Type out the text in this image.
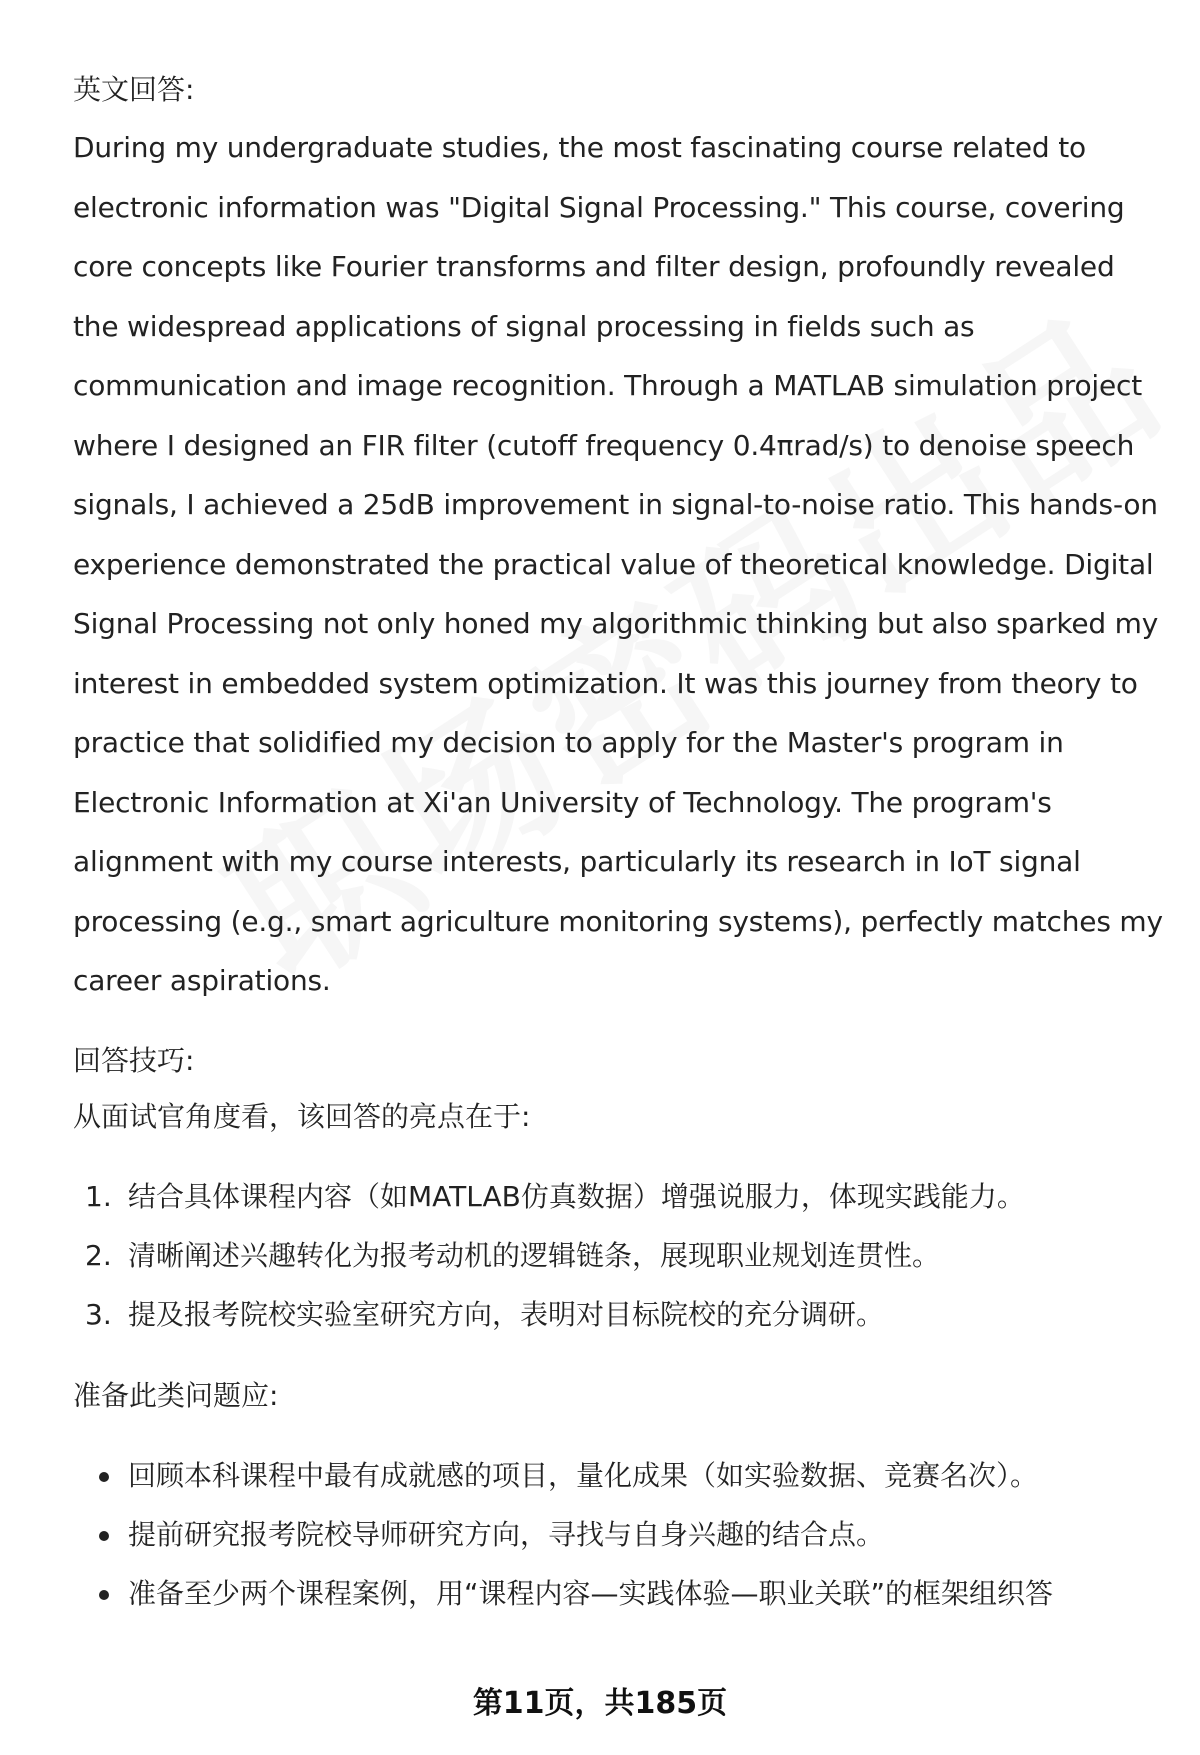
英文回答:

During my undergraduate studies, the most fascinating course related to electronic information was "Digital Signal Processing." This course, covering core concepts like Fourier transforms and filter design, profoundly revealed the widespread applications of signal processing in fields such as communication and image recognition. Through a MATLAB simulation project where I designed an FIR filter (cutoff frequency 0.4πrad/s) to denoise speech signals, I achieved a 25dB improvement in signal-to-noise ratio. This hands-on experience demonstrated the practical value of theoretical knowledge. Digital Signal Processing not only honed my algorithmic thinking but also sparked my interest in embedded system optimization. It was this journey from theory to practice that solidified my decision to apply for the Master's program in Electronic Information at Xi'an University of Technology. The program's alignment with my course interests, particularly its research in IoT signal processing (e.g., smart agriculture monitoring systems), perfectly matches my career aspirations.

回答技巧:

从面试官角度看，该回答的亮点在于:

1. 结合具体课程内容（如MATLAB仿真数据）增强说服力，体现实践能力。
2. 清晰阐述兴趣转化为报考动机的逻辑链条，展现职业规划连贯性。
3. 提及报考院校实验室研究方向，表明对目标院校的充分调研。

准备此类问题应:

回顾本科课程中最有成就感的项目，量化成果（如实验数据、竞赛名次）。
提前研究报考院校导师研究方向，寻找与自身兴趣的结合点。
准备至少两个课程案例，用“课程内容—实践体验—职业关联”的框架组织答
第11页，共185页
